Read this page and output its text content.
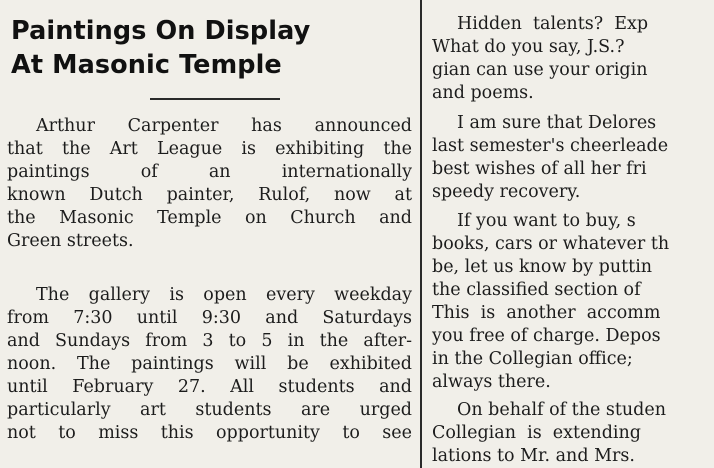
Paintings On Display
At Masonic Temple
Arthur Carpenter has announced
that the Art League is exhibiting the
paintings   of   an   internationally
known Dutch painter, Rulof, now at
the Masonic Temple on Church and
Green streets.
The gallery is open every weekday
from 7:30 until 9:30 and Saturdays
and Sundays from 3 to 5 in the after-
noon. The paintings will be exhibited
until February 27. All students and
particularly art students are urged
not to miss this opportunity to see
Hidden  talents?  Exp
What do you say, J.S.?
gian can use your origin
and poems.
I am sure that Delores
last semester's cheerleade
best wishes of all her fri
speedy recovery.
If you want to buy, s
books, cars or whatever th
be, let us know by puttin
the classified section of
This  is  another  accomm
you free of charge. Depos
in the Collegian office;
always there.
On behalf of the studen
Collegian  is  extending
lations to Mr. and Mrs.
